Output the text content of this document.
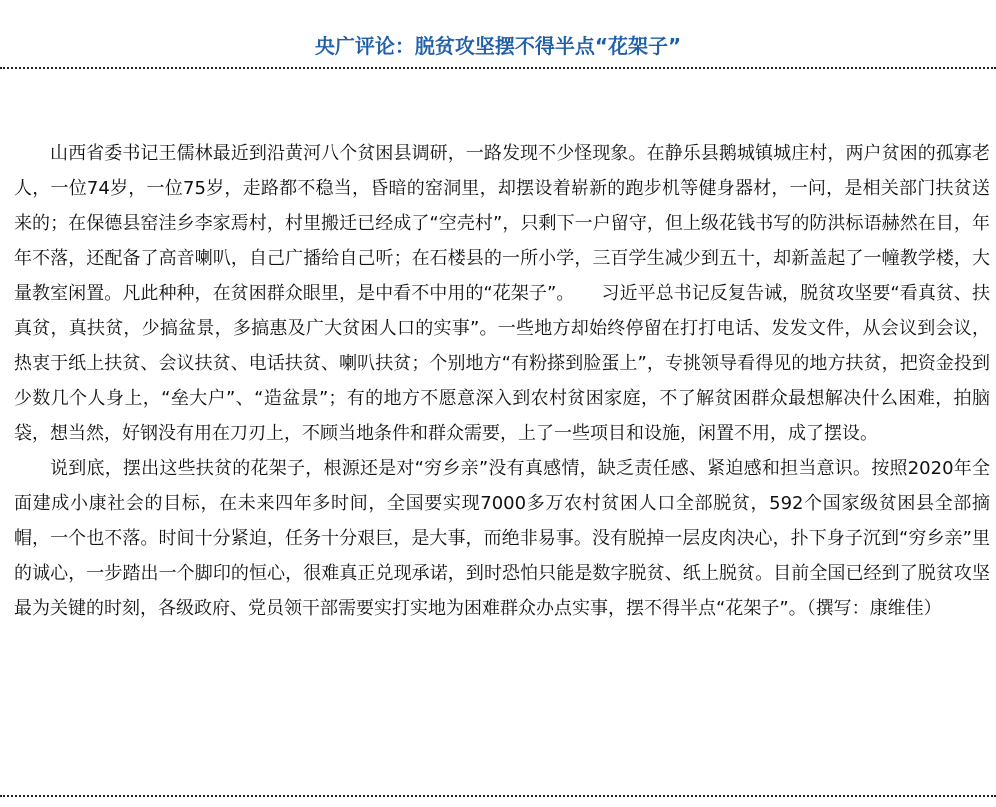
央广评论：脱贫攻坚摆不得半点“花架子”

山西省委书记王儒林最近到沿黄河八个贫困县调研，一路发现不少怪现象。在静乐县鹅城镇城庄村，两户贫困的孤寡老人，一位74岁，一位75岁，走路都不稳当，昏暗的窑洞里，却摆设着崭新的跑步机等健身器材，一问，是相关部门扶贫送来的；在保德县窑洼乡李家焉村，村里搬迁已经成了“空壳村”，只剩下一户留守，但上级花钱书写的防洪标语赫然在目，年年不落，还配备了高音喇叭，自己广播给自己听；在石楼县的一所小学，三百学生减少到五十，却新盖起了一幢教学楼，大量教室闲置。凡此种种，在贫困群众眼里，是中看不中用的“花架子”。　　习近平总书记反复告诫，脱贫攻坚要“看真贫、扶真贫，真扶贫，少搞盆景，多搞惠及广大贫困人口的实事”。一些地方却始终停留在打打电话、发发文件，从会议到会议，热衷于纸上扶贫、会议扶贫、电话扶贫、喇叭扶贫；个别地方“有粉搽到脸蛋上”，专挑领导看得见的地方扶贫，把资金投到少数几个人身上，“垒大户”、“造盆景”；有的地方不愿意深入到农村贫困家庭，不了解贫困群众最想解决什么困难，拍脑袋，想当然，好钢没有用在刀刃上，不顾当地条件和群众需要，上了一些项目和设施，闲置不用，成了摆设。

说到底，摆出这些扶贫的花架子，根源还是对“穷乡亲”没有真感情，缺乏责任感、紧迫感和担当意识。按照2020年全面建成小康社会的目标，在未来四年多时间，全国要实现7000多万农村贫困人口全部脱贫，592个国家级贫困县全部摘帽，一个也不落。时间十分紧迫，任务十分艰巨，是大事，而绝非易事。没有脱掉一层皮肉决心，扑下身子沉到“穷乡亲”里的诚心，一步踏出一个脚印的恒心，很难真正兑现承诺，到时恐怕只能是数字脱贫、纸上脱贫。目前全国已经到了脱贫攻坚最为关键的时刻，各级政府、党员领干部需要实打实地为困难群众办点实事，摆不得半点“花架子”。（撰写：康维佳）
